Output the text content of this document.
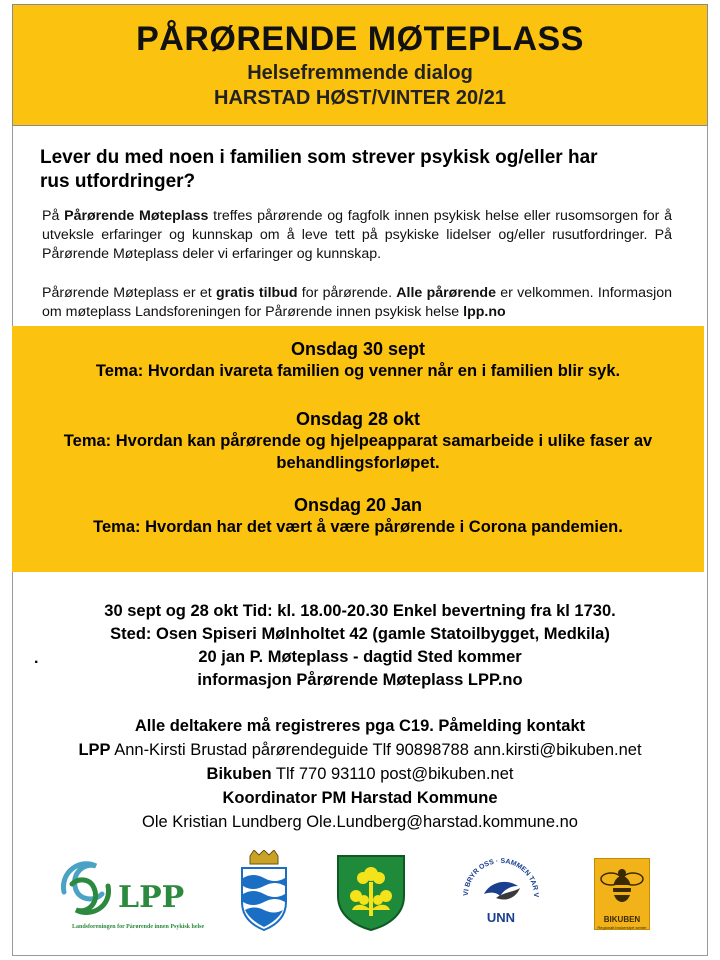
PÅRØRENDE MØTEPLASS
Helsefremmende dialog
HARSTAD HØST/VINTER 20/21
Lever du med noen i familien som strever psykisk og/eller har
rus utfordringer?
På Pårørende Møteplass treffes pårørende og fagfolk innen psykisk helse eller rusomsorgen for å utveksle erfaringer og kunnskap om å leve tett på psykiske lidelser og/eller rusutfordringer. På Pårørende Møteplass deler vi erfaringer og kunnskap.
Pårørende Møteplass er et gratis tilbud for pårørende. Alle pårørende er velkommen. Informasjon om møteplass Landsforeningen for Pårørende innen psykisk helse lpp.no
Onsdag 30 sept
Tema: Hvordan ivareta familien og venner når en i familien blir syk.
Onsdag 28 okt
Tema: Hvordan kan pårørende og hjelpeapparat samarbeide i ulike faser av
behandlingsforløpet.
Onsdag 20 Jan
Tema: Hvordan har det vært å være pårørende i Corona pandemien.
30 sept og 28 okt Tid: kl. 18.00-20.30 Enkel bevertning fra kl 1730.
Sted: Osen Spiseri Mølnholtet 42 (gamle Statoilbygget, Medkila)
20 jan P. Møteplass - dagtid Sted kommer
informasjon Pårørende Møteplass LPP.no
.
Alle deltakere må registreres pga C19. Påmelding kontakt
LPP Ann-Kirsti Brustad pårørendeguide Tlf 90898788 ann.kirsti@bikuben.net
Bikuben Tlf 770 93110 post@bikuben.net
Koordinator PM Harstad Kommune
Ole Kristian Lundberg Ole.Lundberg@harstad.kommune.no
LPP
Landsforeningen for Pårørende innen Psykisk helse
VI BRYR OSS · SAMMEN TAR V
UNN	BIKUBEN
Regionalt brukerstyrt senter
